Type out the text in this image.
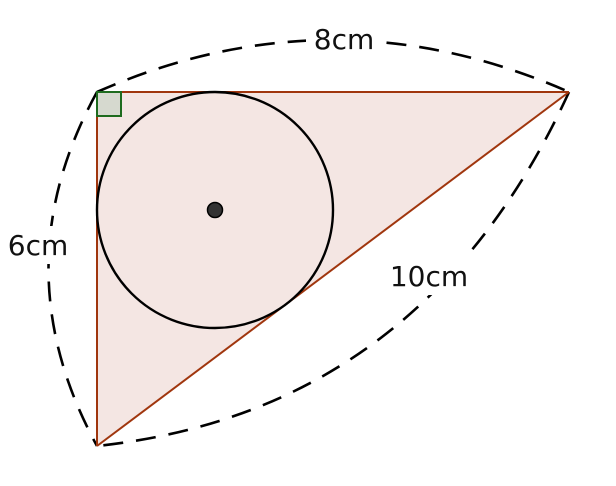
8cm
6cm
10cm
